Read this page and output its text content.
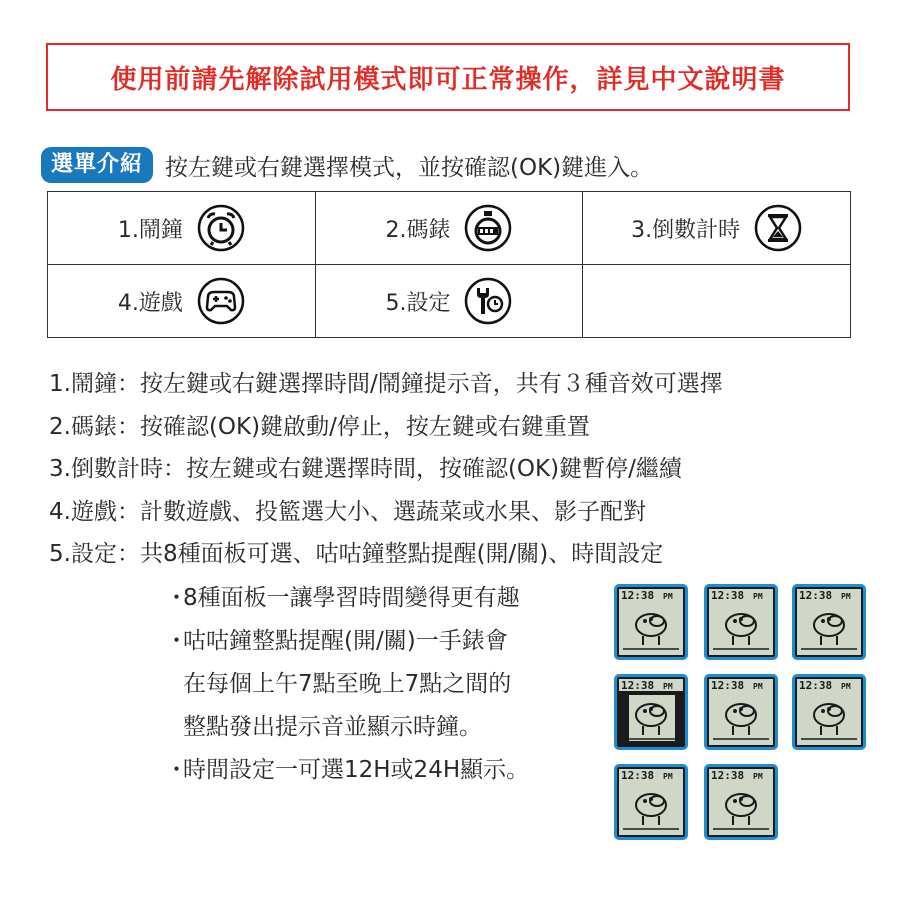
使用前請先解除試用模式即可正常操作，詳見中文說明書
選單介紹 按左鍵或右鍵選擇模式，並按確認(OK)鍵進入。
1.鬧鐘	2.碼錶	3.倒數計時

4.遊戲	5.設定	

1.鬧鐘：按左鍵或右鍵選擇時間/鬧鐘提示音，共有３種音效可選擇
2.碼錶：按確認(OK)鍵啟動/停止，按左鍵或右鍵重置
3.倒數計時：按左鍵或右鍵選擇時間，按確認(OK)鍵暫停/繼續
4.遊戲：計數遊戲、投籃選大小、選蔬菜或水果、影子配對
5.設定：共8種面板可選、咕咕鐘整點提醒(開/關)、時間設定
・
8種面板一讓學習時間變得更有趣
・
咕咕鐘整點提醒(開/關)一手錶會
在每個上午7點至晚上7點之間的
整點發出提示音並顯示時鐘。
・
時間設定一可選12H或24H顯示。
12:38 PM	12:38 PM	12:38 PM
12:38 PM	12:38 PM	12:38 PM
12:38 PM	12:38 PM
